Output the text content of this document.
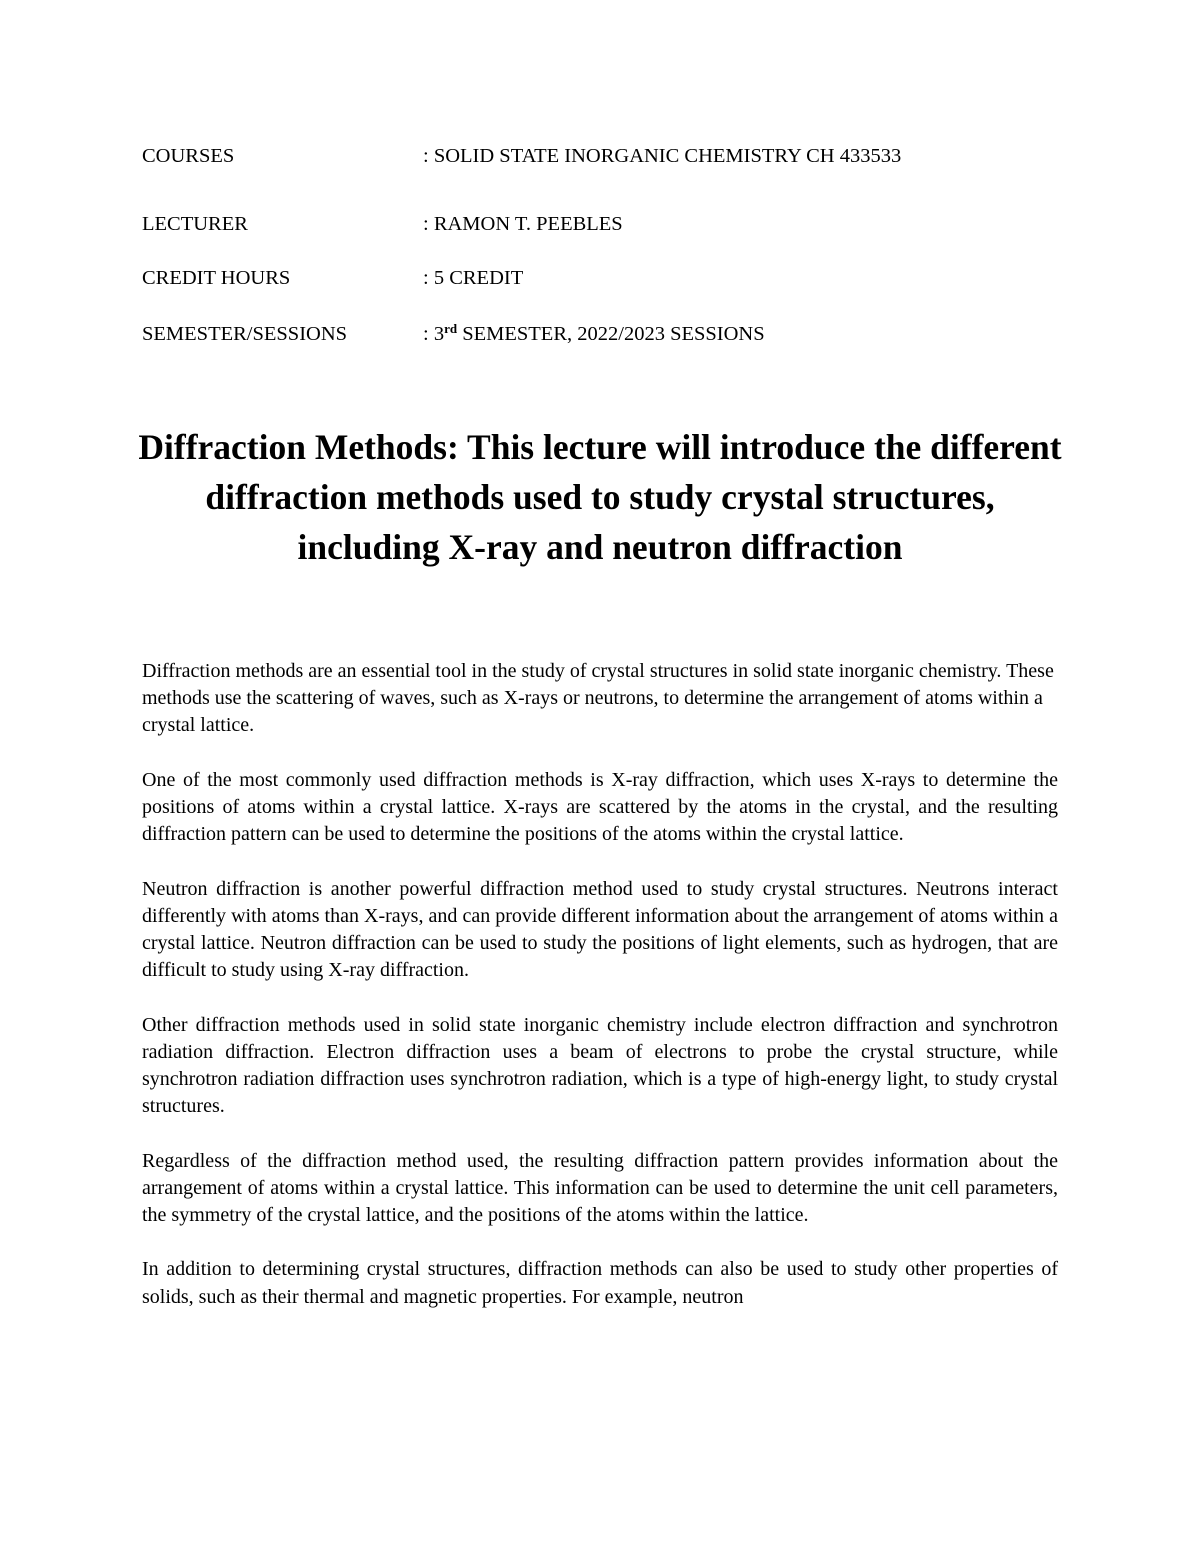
COURSES	: SOLID STATE INORGANIC CHEMISTRY CH 433533
LECTURER	: RAMON T. PEEBLES
CREDIT HOURS	: 5 CREDIT
SEMESTER/SESSIONS	: 3rd SEMESTER, 2022/2023 SESSIONS
Diffraction Methods: This lecture will introduce the different diffraction methods used to study crystal structures, including X-ray and neutron diffraction

Diffraction methods are an essential tool in the study of crystal structures in solid state inorganic chemistry. These methods use the scattering of waves, such as X-rays or neutrons, to determine the arrangement of atoms within a crystal lattice.

One of the most commonly used diffraction methods is X-ray diffraction, which uses X-rays to determine the positions of atoms within a crystal lattice. X-rays are scattered by the atoms in the crystal, and the resulting diffraction pattern can be used to determine the positions of the atoms within the crystal lattice.

Neutron diffraction is another powerful diffraction method used to study crystal structures. Neutrons interact differently with atoms than X-rays, and can provide different information about the arrangement of atoms within a crystal lattice. Neutron diffraction can be used to study the positions of light elements, such as hydrogen, that are difficult to study using X-ray diffraction.

Other diffraction methods used in solid state inorganic chemistry include electron diffraction and synchrotron radiation diffraction. Electron diffraction uses a beam of electrons to probe the crystal structure, while synchrotron radiation diffraction uses synchrotron radiation, which is a type of high-energy light, to study crystal structures.

Regardless of the diffraction method used, the resulting diffraction pattern provides information about the arrangement of atoms within a crystal lattice. This information can be used to determine the unit cell parameters, the symmetry of the crystal lattice, and the positions of the atoms within the lattice.

In addition to determining crystal structures, diffraction methods can also be used to study other properties of solids, such as their thermal and magnetic properties. For example, neutron
